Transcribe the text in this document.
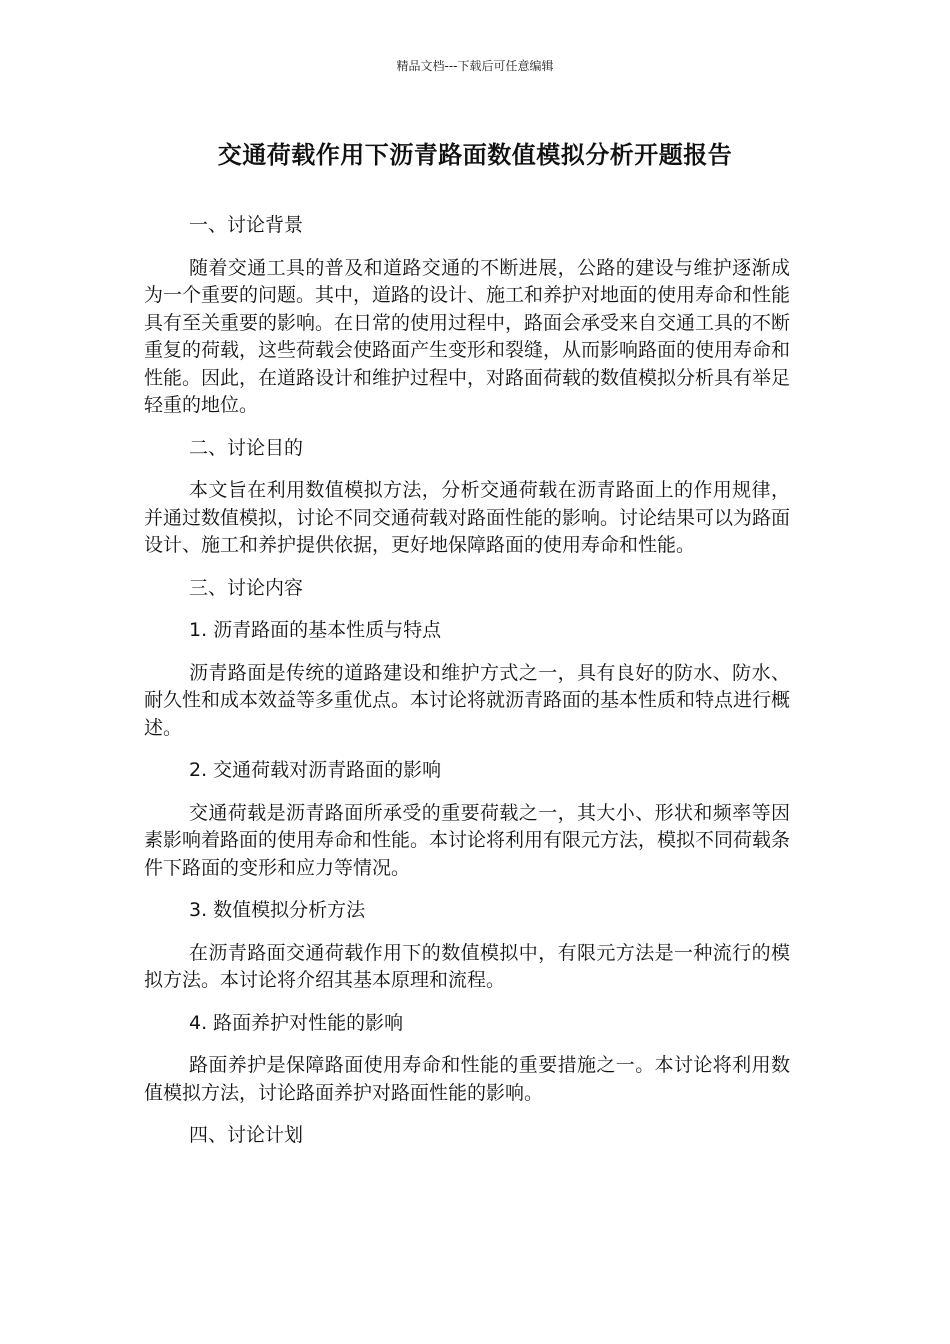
精品文档---下载后可任意编辑
交通荷载作用下沥青路面数值模拟分析开题报告
一、讨论背景
随着交通工具的普及和道路交通的不断进展，公路的建设与维护逐渐成为一个重要的问题。其中，道路的设计、施工和养护对地面的使用寿命和性能具有至关重要的影响。在日常的使用过程中，路面会承受来自交通工具的不断重复的荷载，这些荷载会使路面产生变形和裂缝，从而影响路面的使用寿命和性能。因此，在道路设计和维护过程中，对路面荷载的数值模拟分析具有举足轻重的地位。
二、讨论目的
本文旨在利用数值模拟方法，分析交通荷载在沥青路面上的作用规律，并通过数值模拟，讨论不同交通荷载对路面性能的影响。讨论结果可以为路面设计、施工和养护提供依据，更好地保障路面的使用寿命和性能。
三、讨论内容
1. 沥青路面的基本性质与特点
沥青路面是传统的道路建设和维护方式之一，具有良好的防水、防水、耐久性和成本效益等多重优点。本讨论将就沥青路面的基本性质和特点进行概述。
2. 交通荷载对沥青路面的影响
交通荷载是沥青路面所承受的重要荷载之一，其大小、形状和频率等因素影响着路面的使用寿命和性能。本讨论将利用有限元方法，模拟不同荷载条件下路面的变形和应力等情况。
3. 数值模拟分析方法
在沥青路面交通荷载作用下的数值模拟中，有限元方法是一种流行的模拟方法。本讨论将介绍其基本原理和流程。
4. 路面养护对性能的影响
路面养护是保障路面使用寿命和性能的重要措施之一。本讨论将利用数值模拟方法，讨论路面养护对路面性能的影响。
四、讨论计划
